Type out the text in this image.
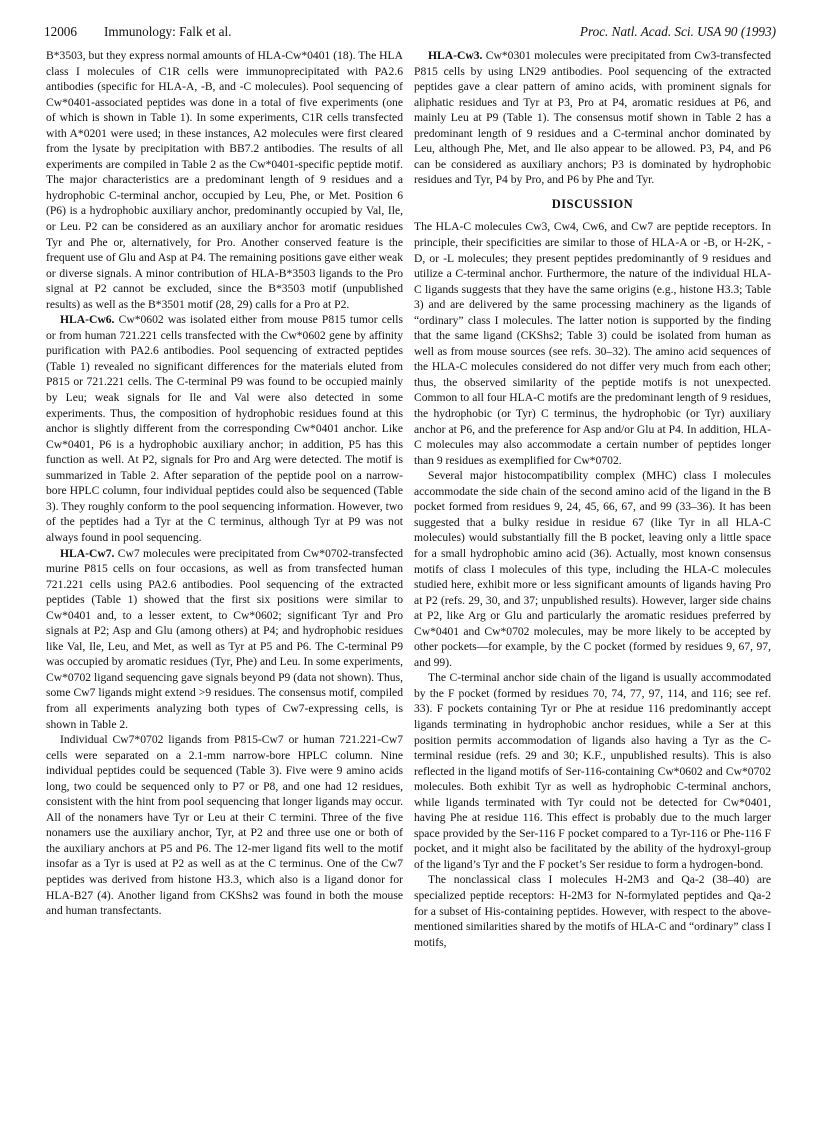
12006 Immunology: Falk et al.	Proc. Natl. Acad. Sci. USA 90 (1993)

B*3503, but they express normal amounts of HLA-Cw*0401 (18). The HLA class I molecules of C1R cells were immunoprecipitated with PA2.6 antibodies (specific for HLA-A, -B, and -C molecules). Pool sequencing of Cw*0401-associated peptides was done in a total of five experiments (one of which is shown in Table 1). In some experiments, C1R cells transfected with A*0201 were used; in these instances, A2 molecules were first cleared from the lysate by precipitation with BB7.2 antibodies. The results of all experiments are compiled in Table 2 as the Cw*0401-specific peptide motif. The major characteristics are a predominant length of 9 residues and a hydrophobic C-terminal anchor, occupied by Leu, Phe, or Met. Position 6 (P6) is a hydrophobic auxiliary anchor, predominantly occupied by Val, Ile, or Leu. P2 can be considered as an auxiliary anchor for aromatic residues Tyr and Phe or, alternatively, for Pro. Another conserved feature is the frequent use of Glu and Asp at P4. The remaining positions gave either weak or diverse signals. A minor contribution of HLA-B*3503 ligands to the Pro signal at P2 cannot be excluded, since the B*3503 motif (unpublished results) as well as the B*3501 motif (28, 29) calls for a Pro at P2.

HLA-Cw6. Cw*0602 was isolated either from mouse P815 tumor cells or from human 721.221 cells transfected with the Cw*0602 gene by affinity purification with PA2.6 antibodies. Pool sequencing of extracted peptides (Table 1) revealed no significant differences for the materials eluted from P815 or 721.221 cells. The C-terminal P9 was found to be occupied mainly by Leu; weak signals for Ile and Val were also detected in some experiments. Thus, the composition of hydrophobic residues found at this anchor is slightly different from the corresponding Cw*0401 anchor. Like Cw*0401, P6 is a hydrophobic auxiliary anchor; in addition, P5 has this function as well. At P2, signals for Pro and Arg were detected. The motif is summarized in Table 2. After separation of the peptide pool on a narrow-bore HPLC column, four individual peptides could also be sequenced (Table 3). They roughly conform to the pool sequencing information. However, two of the peptides had a Tyr at the C terminus, although Tyr at P9 was not always found in pool sequencing.

HLA-Cw7. Cw7 molecules were precipitated from Cw*0702-transfected murine P815 cells on four occasions, as well as from transfected human 721.221 cells using PA2.6 antibodies. Pool sequencing of the extracted peptides (Table 1) showed that the first six positions were similar to Cw*0401 and, to a lesser extent, to Cw*0602; significant Tyr and Pro signals at P2; Asp and Glu (among others) at P4; and hydrophobic residues like Val, Ile, Leu, and Met, as well as Tyr at P5 and P6. The C-terminal P9 was occupied by aromatic residues (Tyr, Phe) and Leu. In some experiments, Cw*0702 ligand sequencing gave signals beyond P9 (data not shown). Thus, some Cw7 ligands might extend >9 residues. The consensus motif, compiled from all experiments analyzing both types of Cw7-expressing cells, is shown in Table 2.

Individual Cw7*0702 ligands from P815-Cw7 or human 721.221-Cw7 cells were separated on a 2.1-mm narrow-bore HPLC column. Nine individual peptides could be sequenced (Table 3). Five were 9 amino acids long, two could be sequenced only to P7 or P8, and one had 12 residues, consistent with the hint from pool sequencing that longer ligands may occur. All of the nonamers have Tyr or Leu at their C termini. Three of the five nonamers use the auxiliary anchor, Tyr, at P2 and three use one or both of the auxiliary anchors at P5 and P6. The 12-mer ligand fits well to the motif insofar as a Tyr is used at P2 as well as at the C terminus. One of the Cw7 peptides was derived from histone H3.3, which also is a ligand donor for HLA-B27 (4). Another ligand from CKShs2 was found in both the mouse and human transfectants.

HLA-Cw3. Cw*0301 molecules were precipitated from Cw3-transfected P815 cells by using LN29 antibodies. Pool sequencing of the extracted peptides gave a clear pattern of amino acids, with prominent signals for aliphatic residues and Tyr at P3, Pro at P4, aromatic residues at P6, and mainly Leu at P9 (Table 1). The consensus motif shown in Table 2 has a predominant length of 9 residues and a C-terminal anchor dominated by Leu, although Phe, Met, and Ile also appear to be allowed. P3, P4, and P6 can be considered as auxiliary anchors; P3 is dominated by hydrophobic residues and Tyr, P4 by Pro, and P6 by Phe and Tyr.

DISCUSSION

The HLA-C molecules Cw3, Cw4, Cw6, and Cw7 are peptide receptors. In principle, their specificities are similar to those of HLA-A or -B, or H-2K, -D, or -L molecules; they present peptides predominantly of 9 residues and utilize a C-terminal anchor. Furthermore, the nature of the individual HLA-C ligands suggests that they have the same origins (e.g., histone H3.3; Table 3) and are delivered by the same processing machinery as the ligands of “ordinary” class I molecules. The latter notion is supported by the finding that the same ligand (CKShs2; Table 3) could be isolated from human as well as from mouse sources (see refs. 30–32). The amino acid sequences of the HLA-C molecules considered do not differ very much from each other; thus, the observed similarity of the peptide motifs is not unexpected. Common to all four HLA-C motifs are the predominant length of 9 residues, the hydrophobic (or Tyr) C terminus, the hydrophobic (or Tyr) auxiliary anchor at P6, and the preference for Asp and/or Glu at P4. In addition, HLA-C molecules may also accommodate a certain number of peptides longer than 9 residues as exemplified for Cw*0702.

Several major histocompatibility complex (MHC) class I molecules accommodate the side chain of the second amino acid of the ligand in the B pocket formed from residues 9, 24, 45, 66, 67, and 99 (33–36). It has been suggested that a bulky residue in residue 67 (like Tyr in all HLA-C molecules) would substantially fill the B pocket, leaving only a little space for a small hydrophobic amino acid (36). Actually, most known consensus motifs of class I molecules of this type, including the HLA-C molecules studied here, exhibit more or less significant amounts of ligands having Pro at P2 (refs. 29, 30, and 37; unpublished results). However, larger side chains at P2, like Arg or Glu and particularly the aromatic residues preferred by Cw*0401 and Cw*0702 molecules, may be more likely to be accepted by other pockets—for example, by the C pocket (formed by residues 9, 67, 97, and 99).

The C-terminal anchor side chain of the ligand is usually accommodated by the F pocket (formed by residues 70, 74, 77, 97, 114, and 116; see ref. 33). F pockets containing Tyr or Phe at residue 116 predominantly accept ligands terminating in hydrophobic anchor residues, while a Ser at this position permits accommodation of ligands also having a Tyr as the C-terminal residue (refs. 29 and 30; K.F., unpublished results). This is also reflected in the ligand motifs of Ser-116-containing Cw*0602 and Cw*0702 molecules. Both exhibit Tyr as well as hydrophobic C-terminal anchors, while ligands terminated with Tyr could not be detected for Cw*0401, having Phe at residue 116. This effect is probably due to the much larger space provided by the Ser-116 F pocket compared to a Tyr-116 or Phe-116 F pocket, and it might also be facilitated by the ability of the hydroxyl-group of the ligand’s Tyr and the F pocket’s Ser residue to form a hydrogen-bond.

The nonclassical class I molecules H-2M3 and Qa-2 (38–40) are specialized peptide receptors: H-2M3 for N-formylated peptides and Qa-2 for a subset of His-containing peptides. However, with respect to the above-mentioned similarities shared by the motifs of HLA-C and “ordinary” class I motifs,
